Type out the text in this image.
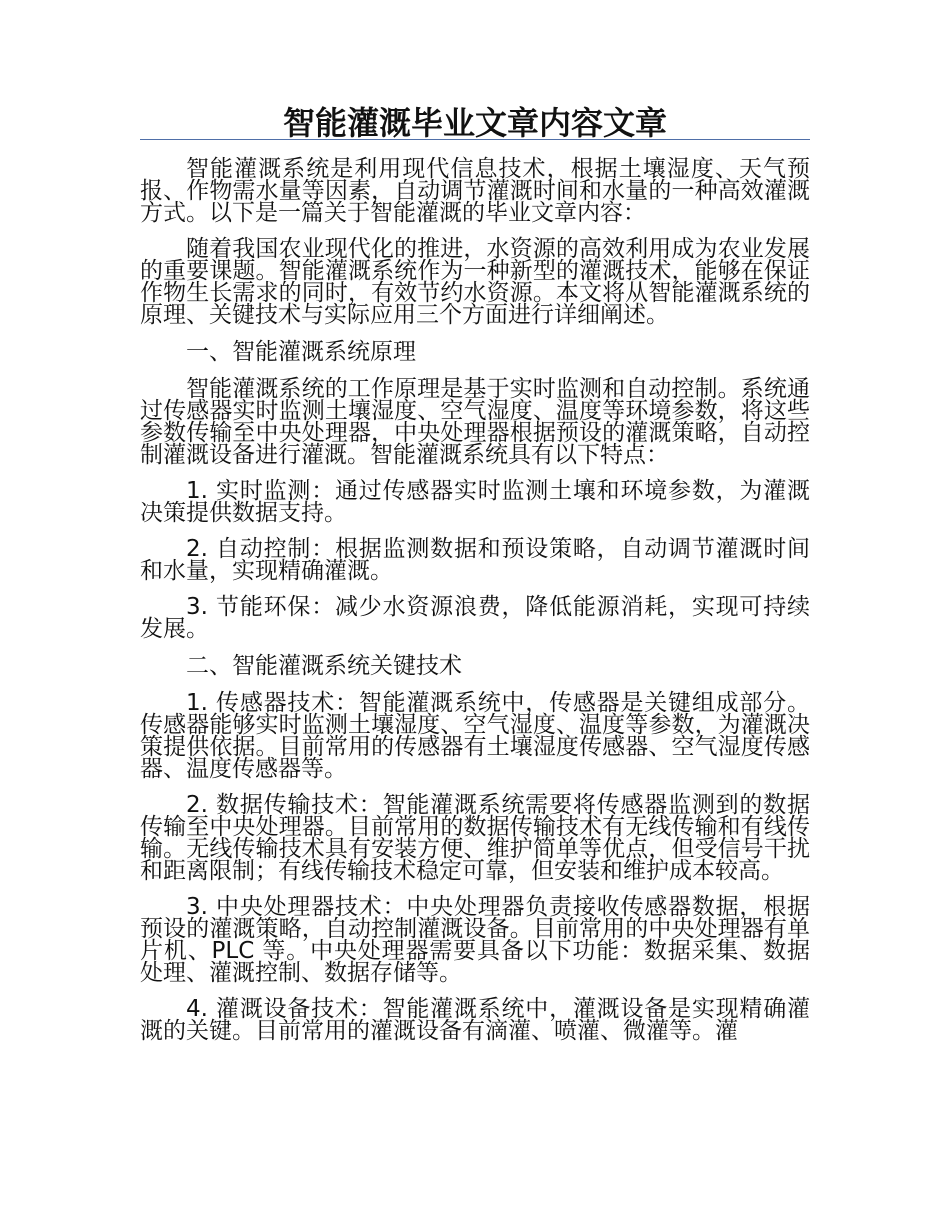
智能灌溉毕业文章内容文章

智能灌溉系统是利用现代信息技术，根据土壤湿度、天气预报、作物需水量等因素，自动调节灌溉时间和水量的一种高效灌溉方式。以下是一篇关于智能灌溉的毕业文章内容：

随着我国农业现代化的推进，水资源的高效利用成为农业发展的重要课题。智能灌溉系统作为一种新型的灌溉技术，能够在保证作物生长需求的同时，有效节约水资源。本文将从智能灌溉系统的原理、关键技术与实际应用三个方面进行详细阐述。

一、智能灌溉系统原理

智能灌溉系统的工作原理是基于实时监测和自动控制。系统通过传感器实时监测土壤湿度、空气湿度、温度等环境参数，将这些参数传输至中央处理器，中央处理器根据预设的灌溉策略，自动控制灌溉设备进行灌溉。智能灌溉系统具有以下特点：

1. 实时监测：通过传感器实时监测土壤和环境参数，为灌溉决策提供数据支持。

2. 自动控制：根据监测数据和预设策略，自动调节灌溉时间和水量，实现精确灌溉。

3. 节能环保：减少水资源浪费，降低能源消耗，实现可持续发展。

二、智能灌溉系统关键技术

1. 传感器技术：智能灌溉系统中，传感器是关键组成部分。传感器能够实时监测土壤湿度、空气湿度、温度等参数，为灌溉决策提供依据。目前常用的传感器有土壤湿度传感器、空气湿度传感器、温度传感器等。

2. 数据传输技术：智能灌溉系统需要将传感器监测到的数据传输至中央处理器。目前常用的数据传输技术有无线传输和有线传输。无线传输技术具有安装方便、维护简单等优点，但受信号干扰和距离限制；有线传输技术稳定可靠，但安装和维护成本较高。

3. 中央处理器技术：中央处理器负责接收传感器数据，根据预设的灌溉策略，自动控制灌溉设备。目前常用的中央处理器有单片机、PLC 等。中央处理器需要具备以下功能：数据采集、数据处理、灌溉控制、数据存储等。

4. 灌溉设备技术：智能灌溉系统中，灌溉设备是实现精确灌溉的关键。目前常用的灌溉设备有滴灌、喷灌、微灌等。灌
